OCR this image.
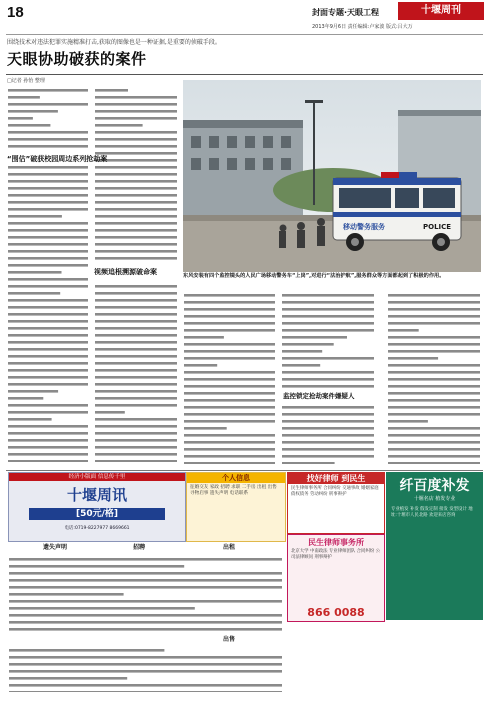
18	封面专题·天眼工程	十堰周刊
2013年9月6日 责任编辑:卢家波 版式:吕大万
围绕技术对违法犯罪实施精准打击,获取的图像也是一种证据,是重要的侦破手段。
天眼协助破获的案件
□记者 孙怡 整理
“围估”破获校园周边系列抢劫案
视频追根溯源破命案
移动警务服务	POLICE
东风安装有四个监控镜头的人民广场移动警务车“上岗”,对进行“法治护航”,服务群众等方面都起到了积极的作用。
监控锁定抢劫案件嫌疑人
经济小版面 信息传千里
十堰周讯
[50元/格]
电话:0719-8227977 8669661
个人信息
征婚交友 家政 招聘 求职 二手房 出租 出售 寻物启事 遗失声明 电话联系
找好律师 到民生
民生律师事务所 合同纠纷 交通事故 婚姻家庭 债权债务 劳动纠纷 刑事辩护
民生律师事务所
北京大学 中南政法 专业律师团队 合同纠纷 公司法律顾问 刑事辩护
866 0088
纤百度补发
十堰名店 植发专业
专业植发 补发 假发定制 接发 发型设计 地址:十堰市人民北路 欢迎来店咨询
遗失声明	招聘
出售
出租
